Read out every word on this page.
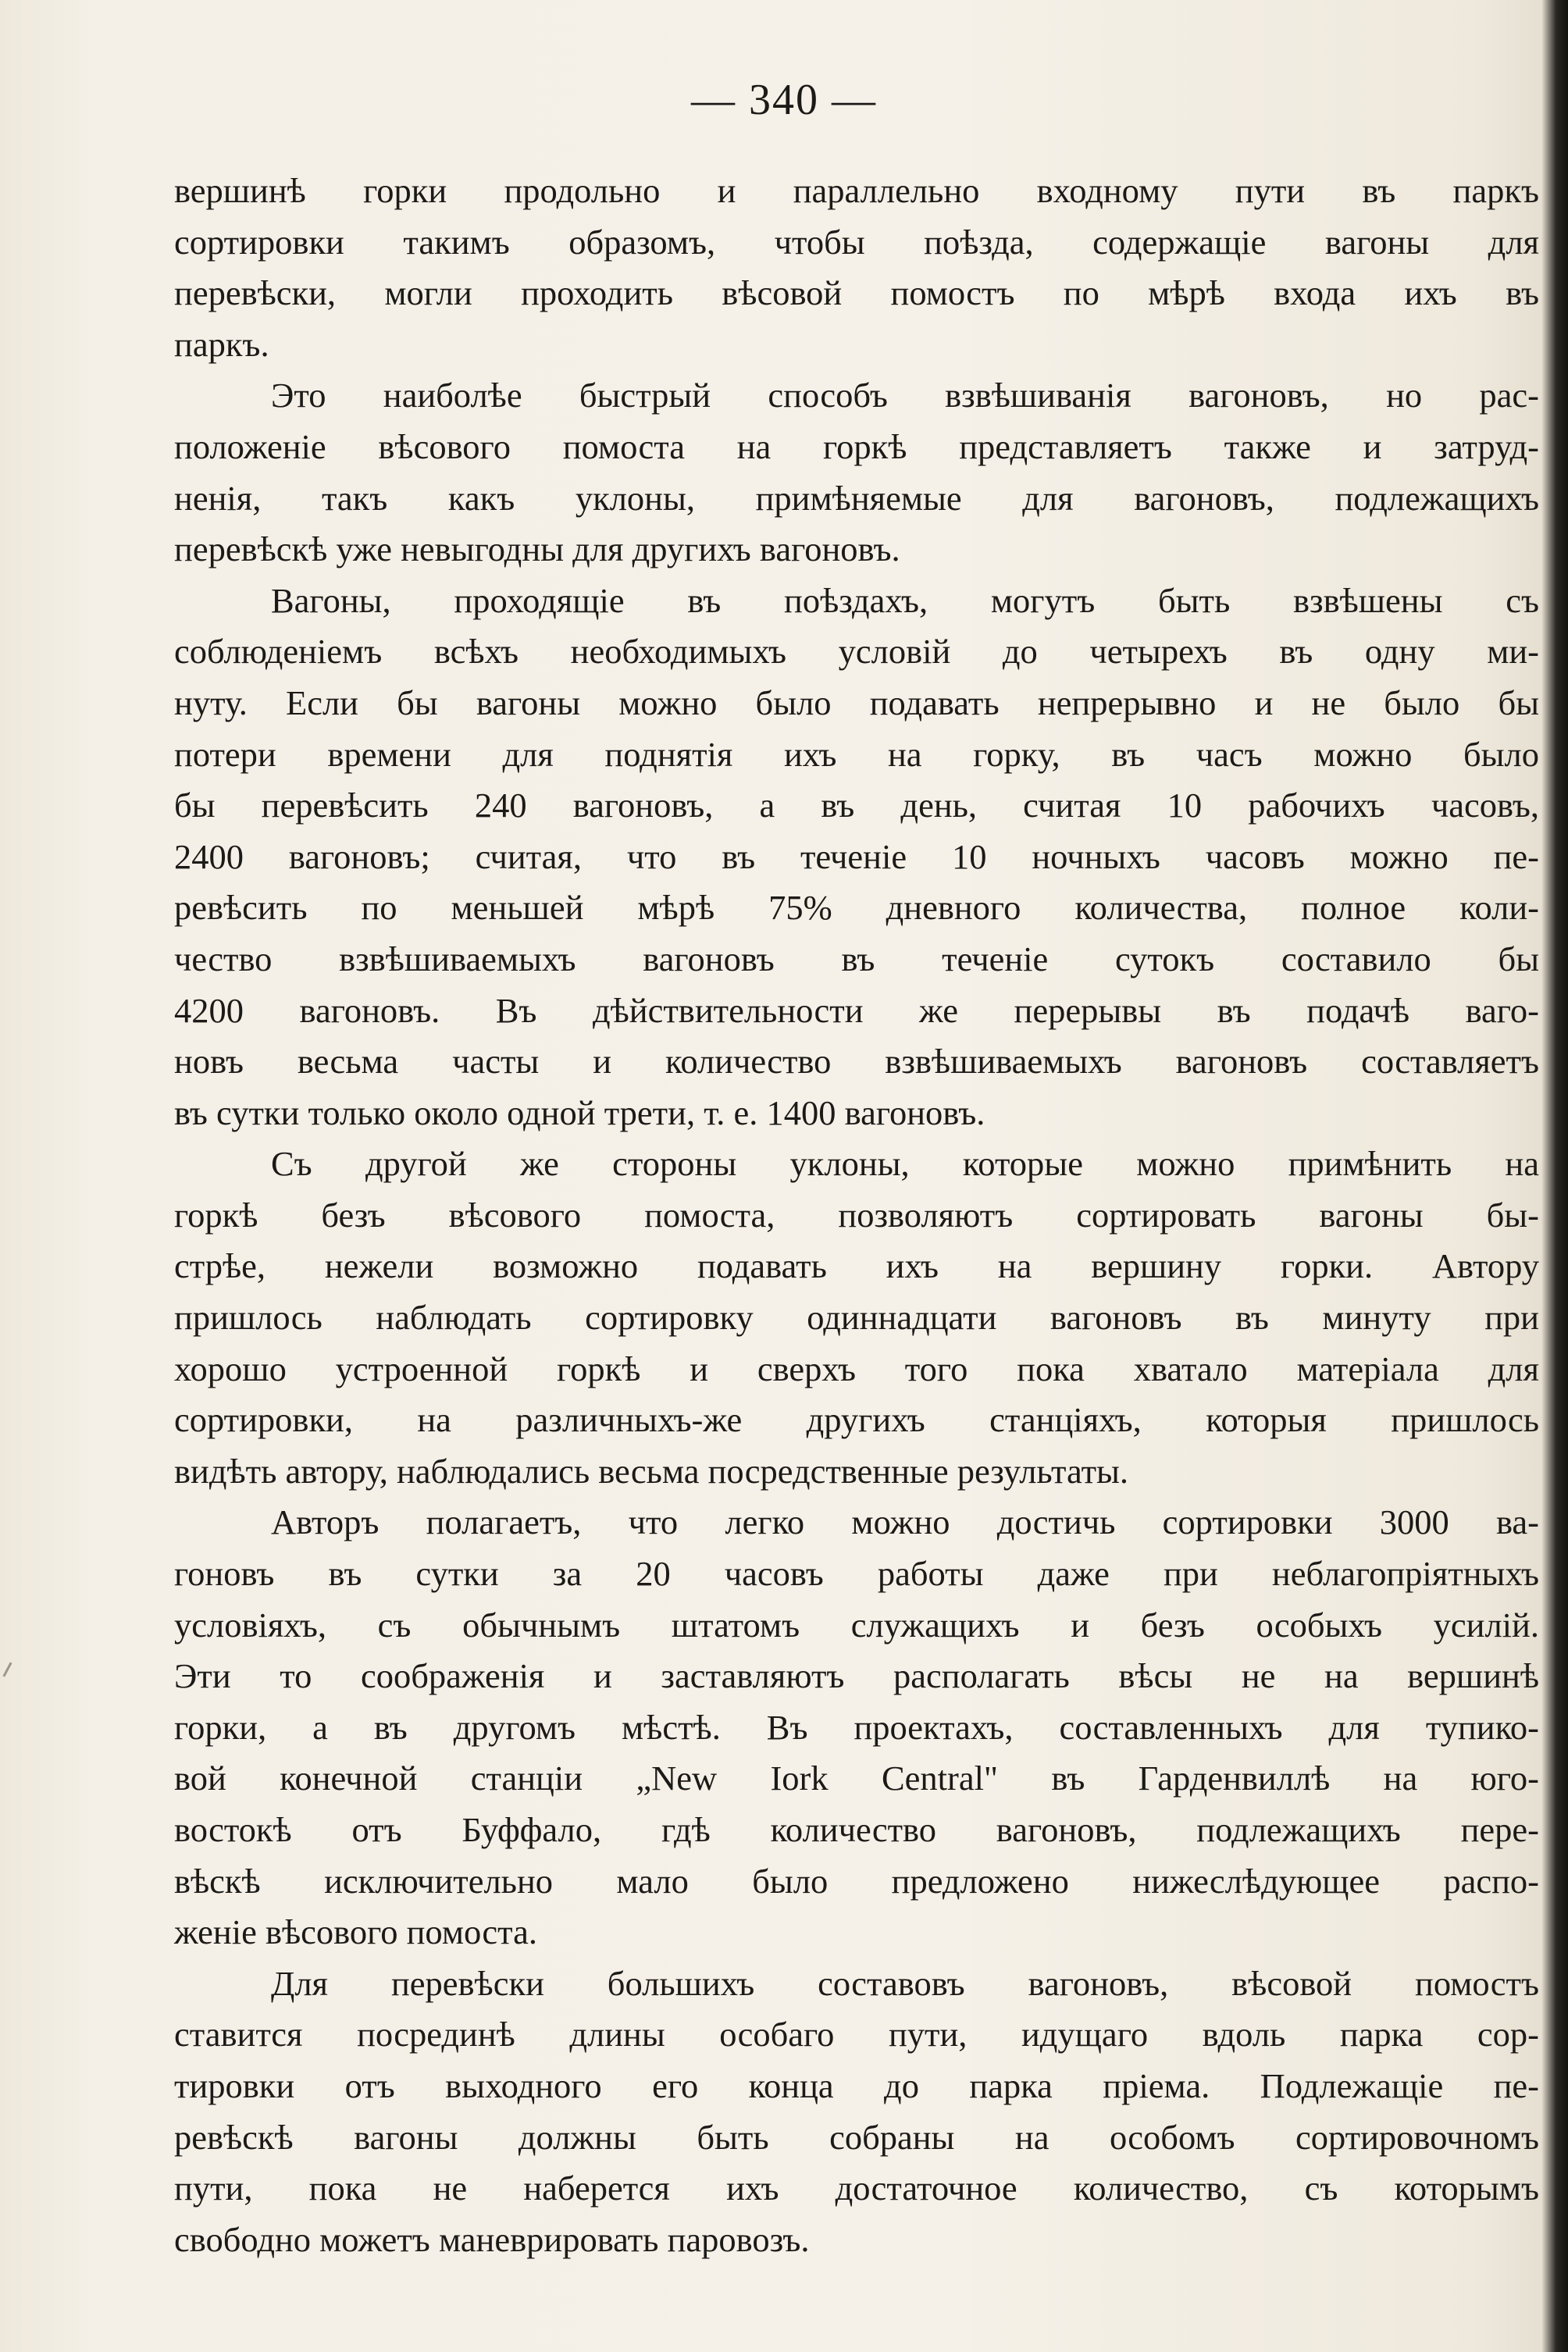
— 340 —
вершинѣ горки продольно и параллельно входному пути въ паркъ
сортировки такимъ образомъ, чтобы поѣзда, содержащіе вагоны для
перевѣски, могли проходить вѣсовой помостъ по мѣрѣ входа ихъ въ
паркъ.
Это наиболѣе быстрый способъ взвѣшиванія вагоновъ, но рас-
положеніе вѣсового помоста на горкѣ представляетъ также и затруд-
ненія, такъ какъ уклоны, примѣняемые для вагоновъ, подлежащихъ
перевѣскѣ уже невыгодны для другихъ вагоновъ.
Вагоны, проходящіе въ поѣздахъ, могутъ быть взвѣшены съ
соблюденіемъ всѣхъ необходимыхъ условій до четырехъ въ одну ми-
нуту. Если бы вагоны можно было подавать непрерывно и не было бы
потери времени для поднятія ихъ на горку, въ часъ можно было
бы перевѣсить 240 вагоновъ, а въ день, считая 10 рабочихъ часовъ,
2400 вагоновъ; считая, что въ теченіе 10 ночныхъ часовъ можно пе-
ревѣсить по меньшей мѣрѣ 75% дневного количества, полное коли-
чество взвѣшиваемыхъ вагоновъ въ теченіе сутокъ составило бы
4200 вагоновъ. Въ дѣйствительности же перерывы въ подачѣ ваго-
новъ весьма часты и количество взвѣшиваемыхъ вагоновъ составляетъ
въ сутки только около одной трети, т. е. 1400 вагоновъ.
Съ другой же стороны уклоны, которые можно примѣнить на
горкѣ безъ вѣсового помоста, позволяютъ сортировать вагоны бы-
стрѣе, нежели возможно подавать ихъ на вершину горки. Автору
пришлось наблюдать сортировку одиннадцати вагоновъ въ минуту при
хорошо устроенной горкѣ и сверхъ того пока хватало матеріала для
сортировки, на различныхъ-же другихъ станціяхъ, которыя пришлось
видѣть автору, наблюдались весьма посредственные результаты.
Авторъ полагаетъ, что легко можно достичь сортировки 3000 ва-
гоновъ въ сутки за 20 часовъ работы даже при неблагопріятныхъ
условіяхъ, съ обычнымъ штатомъ служащихъ и безъ особыхъ усилій.
Эти то соображенія и заставляютъ располагать вѣсы не на вершинѣ
горки, а въ другомъ мѣстѣ. Въ проектахъ, составленныхъ для тупико-
вой конечной станціи „New Iork Central" въ Гарденвиллѣ на юго-
востокѣ отъ Буффало, гдѣ количество вагоновъ, подлежащихъ пере-
вѣскѣ исключительно мало было предложено нижеслѣдующее распо-
женіе вѣсового помоста.
Для перевѣски большихъ составовъ вагоновъ, вѣсовой помостъ
ставится посрединѣ длины особаго пути, идущаго вдоль парка сор-
тировки отъ выходного его конца до парка пріема. Подлежащіе пе-
ревѣскѣ вагоны должны быть собраны на особомъ сортировочномъ
пути, пока не наберется ихъ достаточное количество, съ которымъ
свободно можетъ маневрировать паровозъ.
